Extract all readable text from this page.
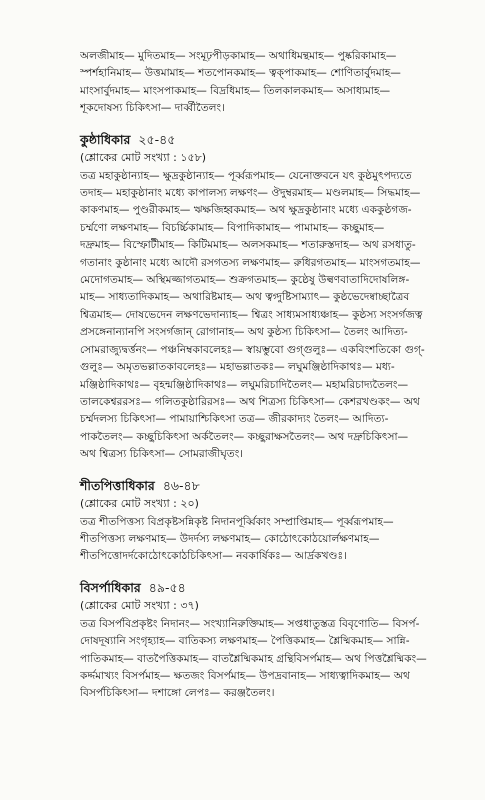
অলজীমাহ— মুদিতমাহ— সংমূঢ়পীড়কামাহ— অথাধিমন্থমাহ— পুষ্করিকামাহ—
স্পর্শহানিমাহ— উত্তমামাহ— শতপোনকমাহ— ত্বক্‌পাকমাহ— শোণিতার্বুদমাহ—
মাংসার্বুদমাহ— মাংসপাকমাহ— বিদ্রধিমাহ— তিলকালকমাহ— অসাধ্যমাহ—
শূকদোষস্য চিকিৎসা— দার্ব্বীতৈলং।

কুষ্ঠাধিকার ২৫-৪৫

(শ্লোকের মোট সংখ্যা : ১৫৮)

তত্র মহাকুষ্ঠান্যাহ— ক্ষুদ্রকুষ্ঠান্যাহ— পূর্ব্বরূপমাহ— যেনোক্তবনে যৎ কুষ্ঠমুৎপদ্যতে
তদাহ— মহাকুষ্ঠানাং মধ্যে কাপালস্য লক্ষণং— ঔদুম্বরমাহ— মণ্ডলমাহ— সিদ্ধমাহ—
কাকণমাহ— পুণ্ডরীকমাহ— ঋক্ষজিহ্বকমাহ— অথ ক্ষুদ্রকুষ্ঠানাং মধ্যে এককুষ্ঠগজ-
চর্ম্মণো লক্ষণমাহ— বিচর্চ্চিকামাহ— বিপাদিকামাহ— পামামাহ— কচ্ছুমাহ—
দদ্রুমাহ— বিস্ফোটীমাহ— কিটিমমাহ— অলসকমাহ— শতারুস্তদাহ— অথ রসধাতু-
গতানাং কুষ্ঠানাং মধ্যে আদৌ রসগতস্য লক্ষণমাহ— রুধিরগতমাহ— মাংসগতমাহ—
মেদোগতমাহ— অস্থিমজ্জাগতমাহ— শুক্রগতমাহ— কুষ্ঠেষু উল্বণবাতাদিদোষলিঙ্গ-
মাহ— সাধ্যতাদিকমাহ— অথারিষ্টমাহ— অথ ত্বগ্দুষ্টিসাম্যাৎ— কুষ্ঠভেদেষ্বাচ্ছাত্রৈব
শ্বিত্রমাহ— দোষভেদেন লক্ষণভেদান্যাহ— শ্বিত্রং সাধ্যমসাধ্যঞ্চাহ— কুষ্ঠস্য সংসর্গজত্ব
প্রসঙ্গেনান্যানপি সংসর্গজান্ রোগানাহ— অথ কুষ্ঠস্য চিকিৎসা— তৈলং আদিত্য-
সোমরাজ্যুদ্বর্ত্তনং— পঞ্চনিম্বকাবলেহঃ— স্বায়ম্ভুবো গুগ্‌গুলুঃ— একবিংশতিকো গুগ্‌-
গুলুঃ— অমৃতভল্লাতকাবলেহঃ— মহাভল্লাতকঃ— লঘুমঞ্জিষ্ঠাদিকাথঃ— মধ্য-
মঞ্জিষ্ঠাদিকাথঃ— বৃহন্মঞ্জিষ্ঠাদিকাথঃ— লঘুমরিচাদিতৈলং— মহামরিচাদ্যতৈলং—
তালকেশ্বররসঃ— গলিতকুষ্ঠারিরসঃ— অথ শিত্রস্য চিকিৎসা— কেশরখণ্ডকং— অথ
চর্ম্মদলস্য চিকিৎসা— পামায়াশ্চিকিৎসা তত্র— জীরকাদ্যং তৈলং— আদিত্য-
পাকতৈলং— কচ্ছুচিকিৎসা অর্কতৈলং— কচ্ছুরাক্ষসতৈলং— অথ দদ্রুচিকিৎসা—
অথ শ্বিত্রস্য চিকিৎসা— সোমরাজীঘৃতং।

শীতপিত্তাধিকার ৪৬-৪৮

(শ্লোকের মোট সংখ্যা : ২০)

তত্র শীতপিত্তস্য বিপ্রকৃষ্টসন্নিকৃষ্ট নিদানপূর্ব্বিকাং সম্প্রাপ্তিমাহ— পূর্ব্বরূপমাহ—
শীতপিত্তস্য লক্ষণমাহ— উদর্দস্য লক্ষণমাহ— কোঠোৎকোঠয়োর্লক্ষণমাহ—
শীতপিত্তোদর্দকোঠোৎকোঠচিকিৎসা— নবকার্ষিকঃ— আর্দ্রকখণ্ডঃ।

বিসর্পাধিকার ৪৯-৫৪

(শ্লোকের মোট সংখ্যা : ৩৭)

তত্র বিসর্পবিপ্রকৃষ্টং নিদানং— সংখ্যানিরুক্তিমাহ— সপ্তধাতুস্তত্র বিবৃণোতি— বিসর্প-
দোষদূষ্যানি সংগৃহ্যাহ— বাতিকস্য লক্ষণমাহ— পৈত্তিকমাহ— শ্লৈষ্মিকমাহ— সান্নি-
পাতিকমাহ— বাতপৈত্তিকমাহ— বাতশ্লৈষ্মিকমাহ গ্রন্থিবিসর্পমাহ— অথ পিত্তশ্লৈষ্মিকং—
কর্দ্দমাখ্যং বিসর্পমাহ— ক্ষতজং বিসর্পমাহ— উপদ্রবানাহ— সাধ্যত্বাদিকমাহ— অথ
বিসর্পচিকিৎসা— দশাঙ্গো লেপঃ— করঞ্জতৈলং।
